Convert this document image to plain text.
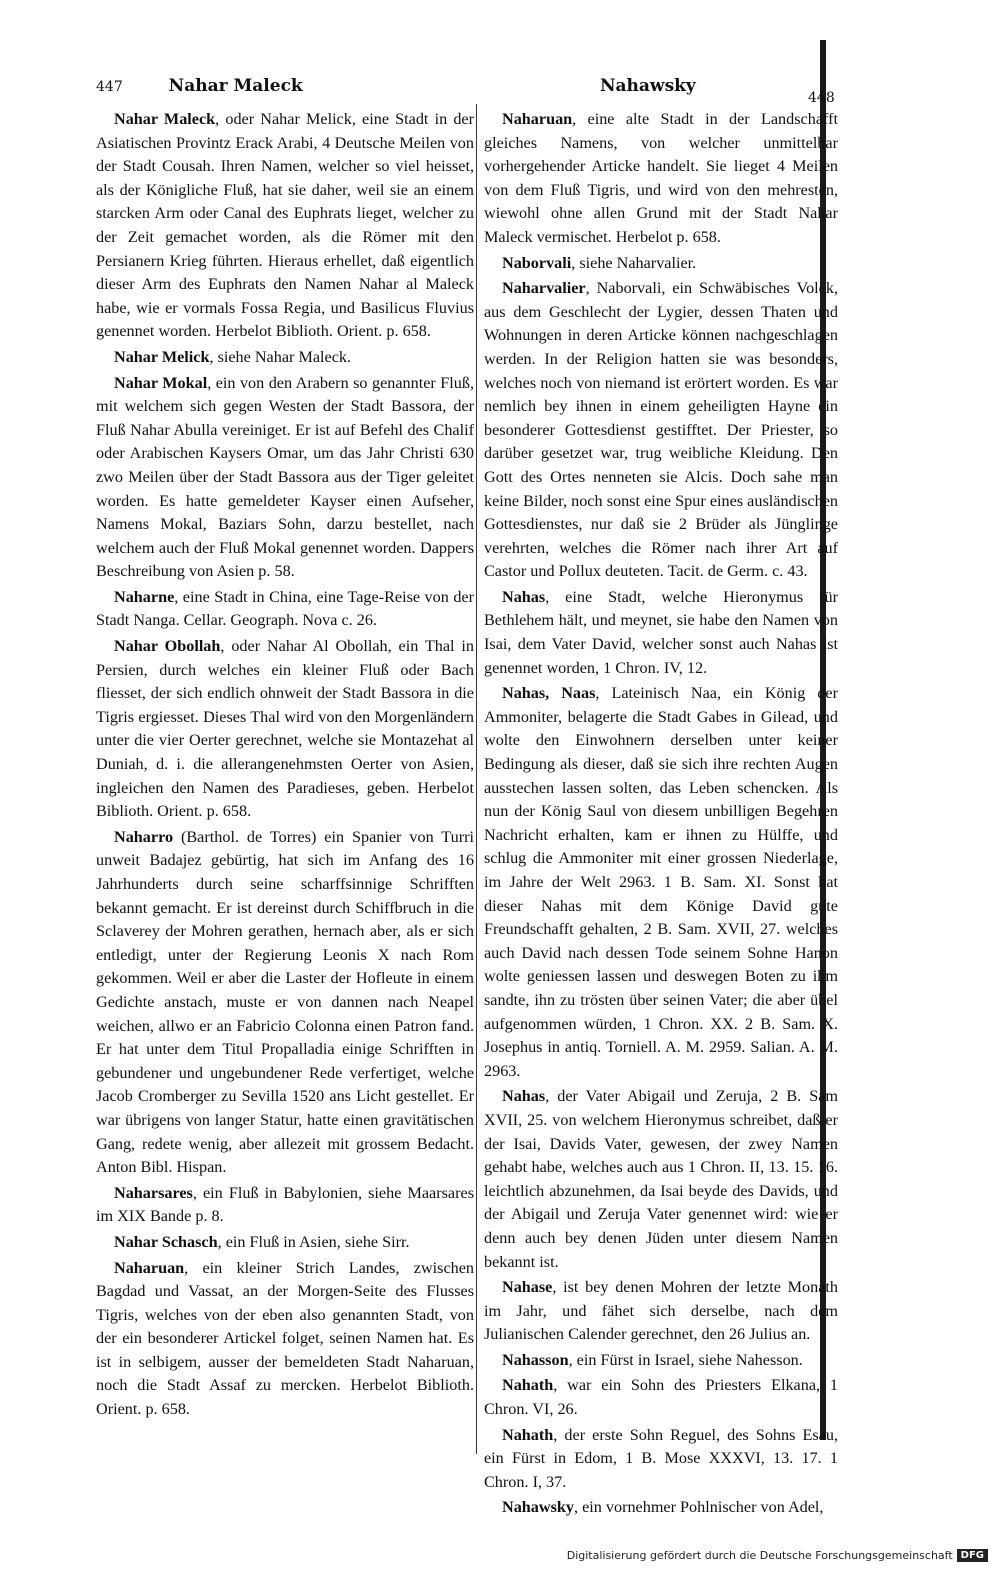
447	Nahar Maleck	Nahawsky
448

Nahar Maleck, oder Nahar Melick, eine Stadt in der Asiatischen Provintz Erack Arabi, 4 Deutsche Meilen von der Stadt Cousah. Ihren Namen, welcher so viel heisset, als der Königliche Fluß, hat sie daher, weil sie an einem starcken Arm oder Canal des Euphrats lieget, welcher zu der Zeit gemachet worden, als die Römer mit den Persianern Krieg führten. Hieraus erhellet, daß eigentlich dieser Arm des Euphrats den Namen Nahar al Maleck habe, wie er vormals Fossa Regia, und Basilicus Fluvius genennet worden. Herbelot Biblioth. Orient. p. 658.

Nahar Melick, siehe Nahar Maleck.

Nahar Mokal, ein von den Arabern so genannter Fluß, mit welchem sich gegen Westen der Stadt Bassora, der Fluß Nahar Abulla vereiniget. Er ist auf Befehl des Chalif oder Arabischen Kaysers Omar, um das Jahr Christi 630 zwo Meilen über der Stadt Bassora aus der Tiger geleitet worden. Es hatte gemeldeter Kayser einen Aufseher, Namens Mokal, Baziars Sohn, darzu bestellet, nach welchem auch der Fluß Mokal genennet worden. Dappers Beschreibung von Asien p. 58.

Naharne, eine Stadt in China, eine Tage-Reise von der Stadt Nanga. Cellar. Geograph. Nova c. 26.

Nahar Obollah, oder Nahar Al Obollah, ein Thal in Persien, durch welches ein kleiner Fluß oder Bach fliesset, der sich endlich ohnweit der Stadt Bassora in die Tigris ergiesset. Dieses Thal wird von den Morgenländern unter die vier Oerter gerechnet, welche sie Montazehat al Duniah, d. i. die allerangenehmsten Oerter von Asien, ingleichen den Namen des Paradieses, geben. Herbelot Biblioth. Orient. p. 658.

Naharro (Barthol. de Torres) ein Spanier von Turri unweit Badajez gebürtig, hat sich im Anfang des 16 Jahrhunderts durch seine scharffsinnige Schrifften bekannt gemacht. Er ist dereinst durch Schiffbruch in die Sclaverey der Mohren gerathen, hernach aber, als er sich entledigt, unter der Regierung Leonis X nach Rom gekommen. Weil er aber die Laster der Hofleute in einem Gedichte anstach, muste er von dannen nach Neapel weichen, allwo er an Fabricio Colonna einen Patron fand. Er hat unter dem Titul Propalladia einige Schrifften in gebundener und ungebundener Rede verfertiget, welche Jacob Cromberger zu Sevilla 1520 ans Licht gestellet. Er war übrigens von langer Statur, hatte einen gravitätischen Gang, redete wenig, aber allezeit mit grossem Bedacht. Anton Bibl. Hispan.

Naharsares, ein Fluß in Babylonien, siehe Maarsares im XIX Bande p. 8.

Nahar Schasch, ein Fluß in Asien, siehe Sirr.

Naharuan, ein kleiner Strich Landes, zwischen Bagdad und Vassat, an der Morgen-Seite des Flusses Tigris, welches von der eben also genannten Stadt, von der ein besonderer Artickel folget, seinen Namen hat. Es ist in selbigem, ausser der bemeldeten Stadt Naharuan, noch die Stadt Assaf zu mercken. Herbelot Biblioth. Orient. p. 658.

Naharuan, eine alte Stadt in der Landschafft gleiches Namens, von welcher unmittelbar vorhergehender Articke handelt. Sie lieget 4 Meilen von dem Fluß Tigris, und wird von den mehresten, wiewohl ohne allen Grund mit der Stadt Nahar Maleck vermischet. Herbelot p. 658.

Naborvali, siehe Naharvalier.

Naharvalier, Naborvali, ein Schwäbisches Volck, aus dem Geschlecht der Lygier, dessen Thaten und Wohnungen in deren Articke können nachgeschlagen werden. In der Religion hatten sie was besonders, welches noch von niemand ist erörtert worden. Es war nemlich bey ihnen in einem geheiligten Hayne ein besonderer Gottesdienst gestifftet. Der Priester, so darüber gesetzet war, trug weibliche Kleidung. Den Gott des Ortes nenneten sie Alcis. Doch sahe man keine Bilder, noch sonst eine Spur eines ausländischen Gottesdienstes, nur daß sie 2 Brüder als Jünglinge verehrten, welches die Römer nach ihrer Art auf Castor und Pollux deuteten. Tacit. de Germ. c. 43.

Nahas, eine Stadt, welche Hieronymus für Bethlehem hält, und meynet, sie habe den Namen von Isai, dem Vater David, welcher sonst auch Nahas ist genennet worden, 1 Chron. IV, 12.

Nahas, Naas, Lateinisch Naa, ein König der Ammoniter, belagerte die Stadt Gabes in Gilead, und wolte den Einwohnern derselben unter keiner Bedingung als dieser, daß sie sich ihre rechten Augen ausstechen lassen solten, das Leben schencken. Als nun der König Saul von diesem unbilligen Begehren Nachricht erhalten, kam er ihnen zu Hülffe, und schlug die Ammoniter mit einer grossen Niederlage, im Jahre der Welt 2963. 1 B. Sam. XI. Sonst hat dieser Nahas mit dem Könige David gute Freundschafft gehalten, 2 B. Sam. XVII, 27. welches auch David nach dessen Tode seinem Sohne Hanon wolte geniessen lassen und deswegen Boten zu ihm sandte, ihn zu trösten über seinen Vater; die aber übel aufgenommen würden, 1 Chron. XX. 2 B. Sam. X. Josephus in antiq. Torniell. A. M. 2959. Salian. A. M. 2963.

Nahas, der Vater Abigail und Zeruja, 2 B. Sam XVII, 25. von welchem Hieronymus schreibet, daß er der Isai, Davids Vater, gewesen, der zwey Namen gehabt habe, welches auch aus 1 Chron. II, 13. 15. 16. leichtlich abzunehmen, da Isai beyde des Davids, und der Abigail und Zeruja Vater genennet wird: wie er denn auch bey denen Jüden unter diesem Namen bekannt ist.

Nahase, ist bey denen Mohren der letzte Monath im Jahr, und fähet sich derselbe, nach dem Julianischen Calender gerechnet, den 26 Julius an.

Nahasson, ein Fürst in Israel, siehe Nahesson.

Nahath, war ein Sohn des Priesters Elkana, 1 Chron. VI, 26.

Nahath, der erste Sohn Reguel, des Sohns Esau, ein Fürst in Edom, 1 B. Mose XXXVI, 13. 17. 1 Chron. I, 37.

Nahawsky, ein vornehmer Pohlnischer von Adel,

Digitalisierung gefördert durch die Deutsche Forschungsgemeinschaft DFG
